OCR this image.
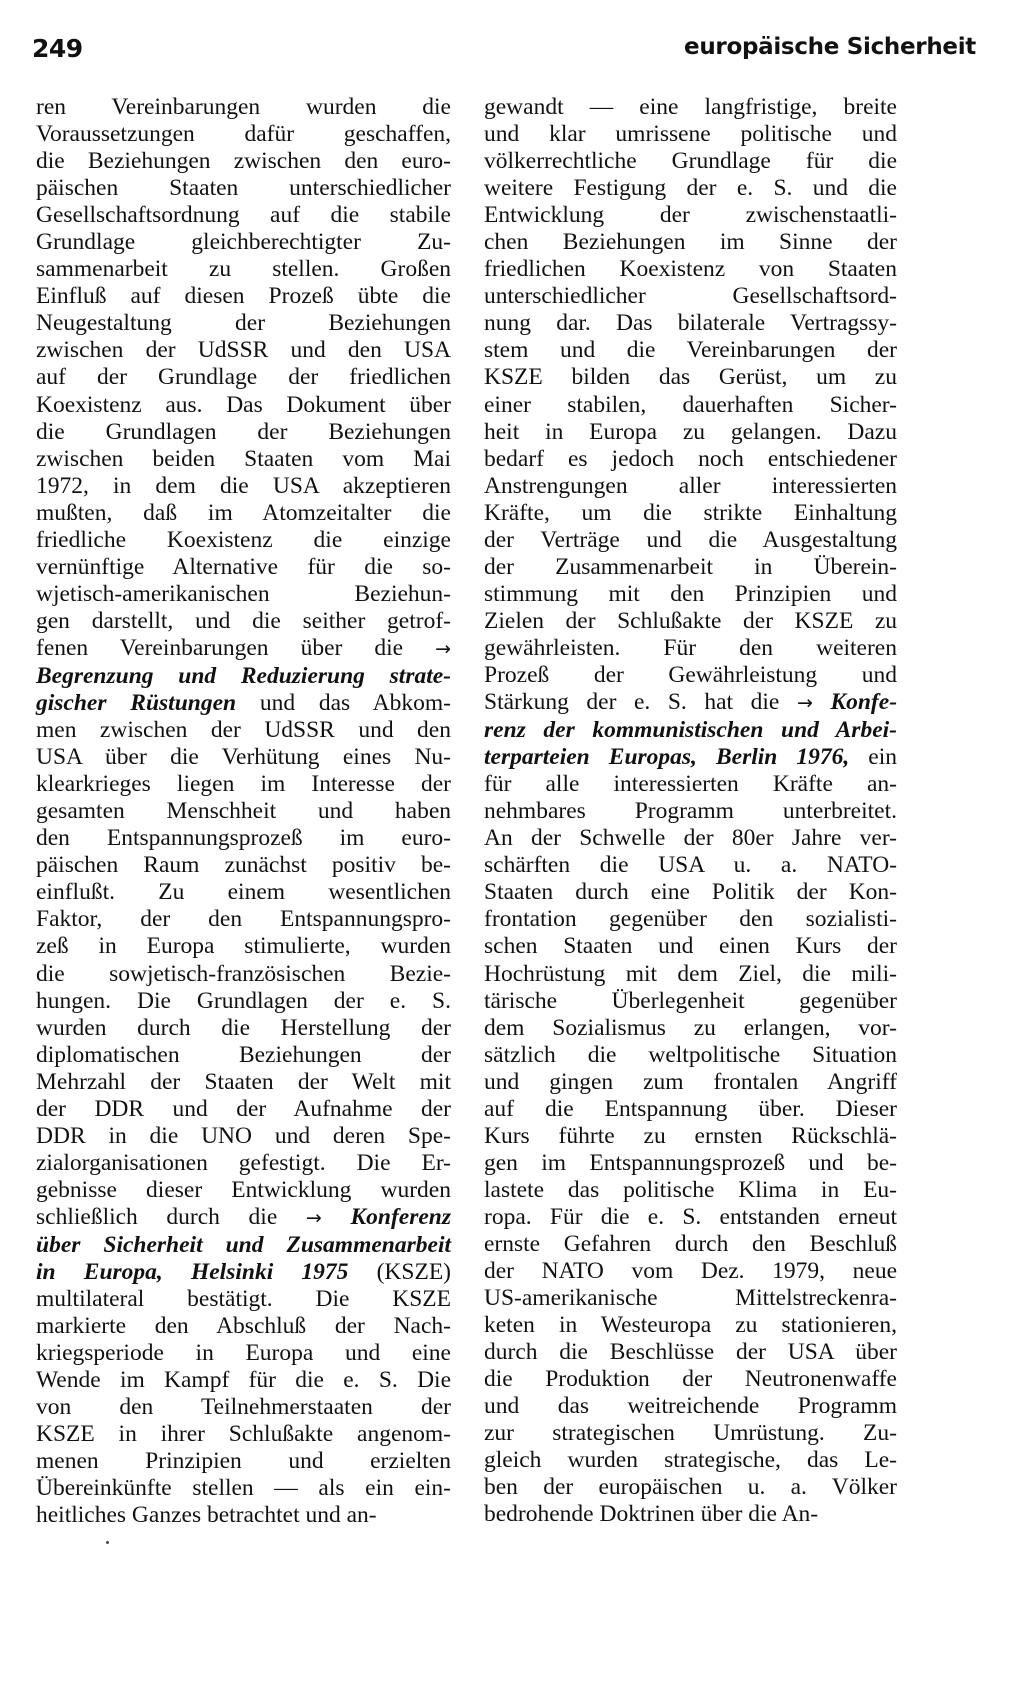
249	europäische Sicherheit
ren Vereinbarungen wurden die
Voraussetzungen dafür geschaffen,
die Beziehungen zwischen den euro-
päischen Staaten unterschiedlicher
Gesellschaftsordnung auf die stabile
Grundlage gleichberechtigter Zu-
sammenarbeit zu stellen. Großen
Einfluß auf diesen Prozeß übte die
Neugestaltung der Beziehungen
zwischen der UdSSR und den USA
auf der Grundlage der friedlichen
Koexistenz aus. Das Dokument über
die Grundlagen der Beziehungen
zwischen beiden Staaten vom Mai
1972, in dem die USA akzeptieren
mußten, daß im Atomzeitalter die
friedliche Koexistenz die einzige
vernünftige Alternative für die so-
wjetisch-amerikanischen Beziehun-
gen darstellt, und die seither getrof-
fenen Vereinbarungen über die →
Begrenzung und Reduzierung strate-
gischer Rüstungen und das Abkom-
men zwischen der UdSSR und den
USA über die Verhütung eines Nu-
klearkrieges liegen im Interesse der
gesamten Menschheit und haben
den Entspannungsprozeß im euro-
päischen Raum zunächst positiv be-
einflußt. Zu einem wesentlichen
Faktor, der den Entspannungspro-
zeß in Europa stimulierte, wurden
die sowjetisch-französischen Bezie-
hungen. Die Grundlagen der e. S.
wurden durch die Herstellung der
diplomatischen Beziehungen der
Mehrzahl der Staaten der Welt mit
der DDR und der Aufnahme der
DDR in die UNO und deren Spe-
zialorganisationen gefestigt. Die Er-
gebnisse dieser Entwicklung wurden
schließlich durch die → Konferenz
über Sicherheit und Zusammenarbeit
in Europa, Helsinki 1975 (KSZE)
multilateral bestätigt. Die KSZE
markierte den Abschluß der Nach-
kriegsperiode in Europa und eine
Wende im Kampf für die e. S. Die
von den Teilnehmerstaaten der
KSZE in ihrer Schlußakte angenom-
menen Prinzipien und erzielten
Übereinkünfte stellen — als ein ein-
heitliches Ganzes betrachtet und an-
gewandt — eine langfristige, breite
und klar umrissene politische und
völkerrechtliche Grundlage für die
weitere Festigung der e. S. und die
Entwicklung der zwischenstaatli-
chen Beziehungen im Sinne der
friedlichen Koexistenz von Staaten
unterschiedlicher Gesellschaftsord-
nung dar. Das bilaterale Vertragssy-
stem und die Vereinbarungen der
KSZE bilden das Gerüst, um zu
einer stabilen, dauerhaften Sicher-
heit in Europa zu gelangen. Dazu
bedarf es jedoch noch entschiedener
Anstrengungen aller interessierten
Kräfte, um die strikte Einhaltung
der Verträge und die Ausgestaltung
der Zusammenarbeit in Überein-
stimmung mit den Prinzipien und
Zielen der Schlußakte der KSZE zu
gewährleisten. Für den weiteren
Prozeß der Gewährleistung und
Stärkung der e. S. hat die → Konfe-
renz der kommunistischen und Arbei-
terparteien Europas, Berlin 1976, ein
für alle interessierten Kräfte an-
nehmbares Programm unterbreitet.
An der Schwelle der 80er Jahre ver-
schärften die USA u. a. NATO-
Staaten durch eine Politik der Kon-
frontation gegenüber den sozialisti-
schen Staaten und einen Kurs der
Hochrüstung mit dem Ziel, die mili-
tärische Überlegenheit gegenüber
dem Sozialismus zu erlangen, vor-
sätzlich die weltpolitische Situation
und gingen zum frontalen Angriff
auf die Entspannung über. Dieser
Kurs führte zu ernsten Rückschlä-
gen im Entspannungsprozeß und be-
lastete das politische Klima in Eu-
ropa. Für die e. S. entstanden erneut
ernste Gefahren durch den Beschluß
der NATO vom Dez. 1979, neue
US-amerikanische Mittelstreckenra-
keten in Westeuropa zu stationieren,
durch die Beschlüsse der USA über
die Produktion der Neutronenwaffe
und das weitreichende Programm
zur strategischen Umrüstung. Zu-
gleich wurden strategische, das Le-
ben der europäischen u. a. Völker
bedrohende Doktrinen über die An-
